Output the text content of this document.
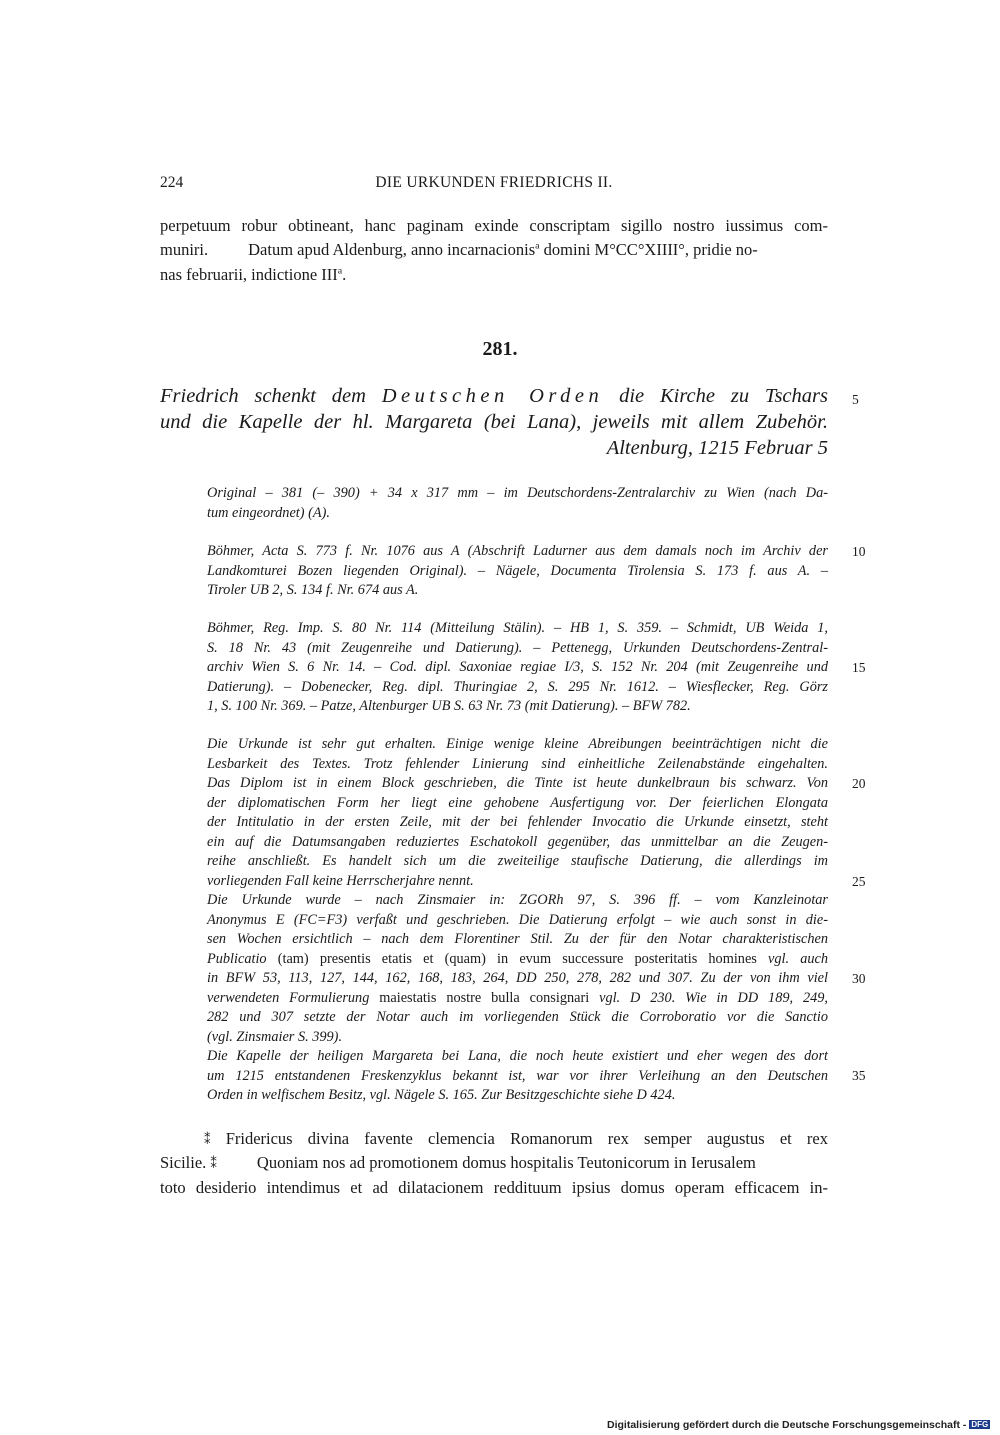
224	DIE URKUNDEN FRIEDRICHS II.
perpetuum robur obtineant, hanc paginam exinde conscriptam sigillo nostro iussimus com-
muniri. Datum apud Aldenburg, anno incarnacionis$^a$ domini M°CC°XIIII°, pridie no-
nas februarii, indictione III$^a$.
281.
Friedrich schenkt dem Deutschen Orden die Kirche zu Tschars
und die Kapelle der hl. Margareta (bei Lana), jeweils mit allem Zubehör.
Altenburg, 1215 Februar 5
Original – 381 (– 390) + 34 x 317 mm – im Deutschordens-Zentralarchiv zu Wien (nach Da-
tum eingeordnet) (A).
Böhmer, Acta S. 773 f. Nr. 1076 aus A (Abschrift Ladurner aus dem damals noch im Archiv der
Landkomturei Bozen liegenden Original). – Nägele, Documenta Tirolensia S. 173 f. aus A. –
Tiroler UB 2, S. 134 f. Nr. 674 aus A.
Böhmer, Reg. Imp. S. 80 Nr. 114 (Mitteilung Stälin). – HB 1, S. 359. – Schmidt, UB Weida 1,
S. 18 Nr. 43 (mit Zeugenreihe und Datierung). – Pettenegg, Urkunden Deutschordens-Zentral-
archiv Wien S. 6 Nr. 14. – Cod. dipl. Saxoniae regiae I/3, S. 152 Nr. 204 (mit Zeugenreihe und
Datierung). – Dobenecker, Reg. dipl. Thuringiae 2, S. 295 Nr. 1612. – Wiesflecker, Reg. Görz
1, S. 100 Nr. 369. – Patze, Altenburger UB S. 63 Nr. 73 (mit Datierung). – BFW 782.
Die Urkunde ist sehr gut erhalten. Einige wenige kleine Abreibungen beeinträchtigen nicht die
Lesbarkeit des Textes. Trotz fehlender Linierung sind einheitliche Zeilenabstände eingehalten.
Das Diplom ist in einem Block geschrieben, die Tinte ist heute dunkelbraun bis schwarz. Von
der diplomatischen Form her liegt eine gehobene Ausfertigung vor. Der feierlichen Elongata
der Intitulatio in der ersten Zeile, mit der bei fehlender Invocatio die Urkunde einsetzt, steht
ein auf die Datumsangaben reduziertes Eschatokoll gegenüber, das unmittelbar an die Zeugen-
reihe anschließt. Es handelt sich um die zweiteilige staufische Datierung, die allerdings im
vorliegenden Fall keine Herrscherjahre nennt.
Die Urkunde wurde – nach Zinsmaier in: ZGORh 97, S. 396 ff. – vom Kanzleinotar
Anonymus E (FC=F3) verfaßt und geschrieben. Die Datierung erfolgt – wie auch sonst in die-
sen Wochen ersichtlich – nach dem Florentiner Stil. Zu der für den Notar charakteristischen
Publicatio (tam) presentis etatis et (quam) in evum successure posteritatis homines vgl. auch
in BFW 53, 113, 127, 144, 162, 168, 183, 264, DD 250, 278, 282 und 307. Zu der von ihm viel
verwendeten Formulierung maiestatis nostre bulla consignari vgl. D 230. Wie in DD 189, 249,
282 und 307 setzte der Notar auch im vorliegenden Stück die Corroboratio vor die Sanctio
(vgl. Zinsmaier S. 399).
Die Kapelle der heiligen Margareta bei Lana, die noch heute existiert und eher wegen des dort
um 1215 entstandenen Freskenzyklus bekannt ist, war vor ihrer Verleihung an den Deutschen
Orden in welfischem Besitz, vgl. Nägele S. 165. Zur Besitzgeschichte siehe D 424.
⁑ Fridericus divina favente clemencia Romanorum rex semper augustus et rex
Sicilie. ⁑ Quoniam nos ad promotionem domus hospitalis Teutonicorum in Ierusalem
toto desiderio intendimus et ad dilatacionem reddituum ipsius domus operam efficacem in-
5
10
15
20
25
30
35
Digitalisierung gefördert durch die Deutsche Forschungsgemeinschaft - DFG
